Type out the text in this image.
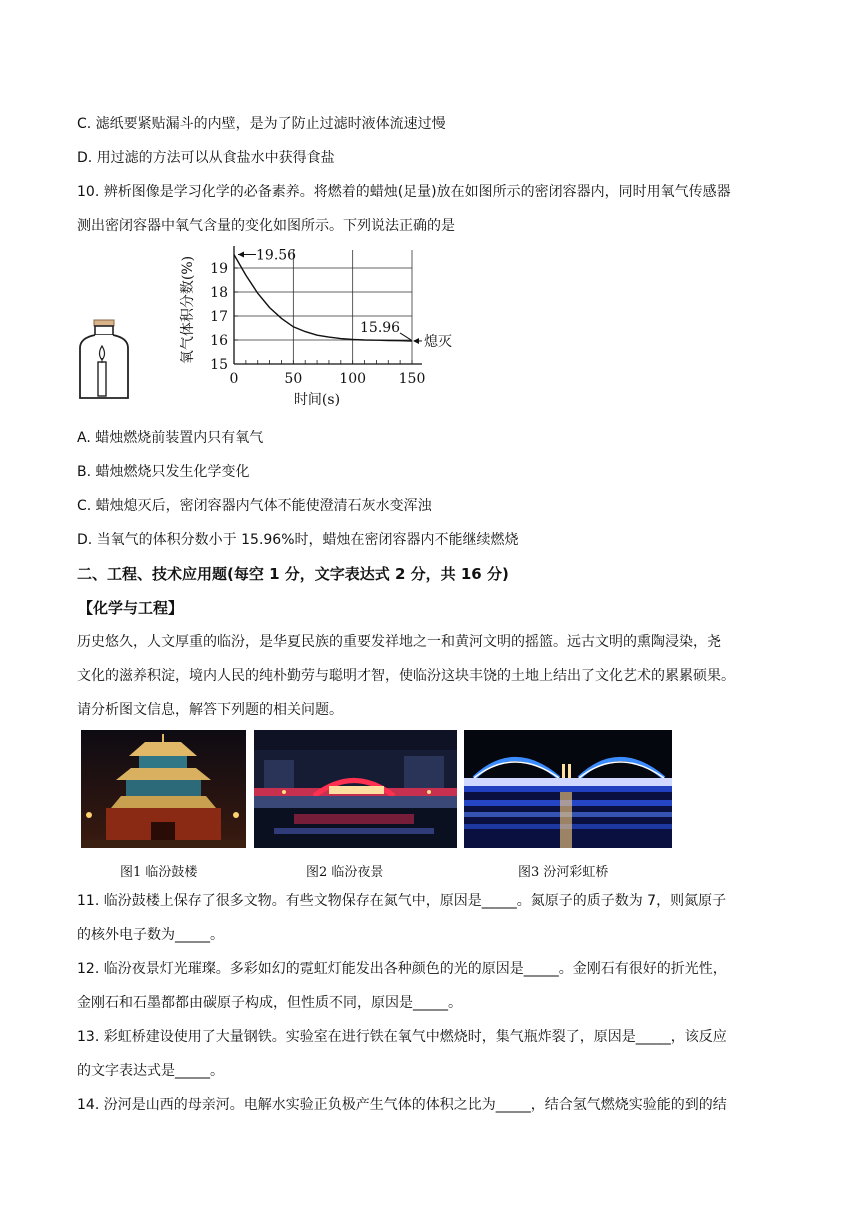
C. 滤纸要紧贴漏斗的内壁，是为了防止过滤时液体流速过慢
D. 用过滤的方法可以从食盐水中获得食盐
10. 辨析图像是学习化学的必备素养。将燃着的蜡烛(足量)放在如图所示的密闭容器内，同时用氧气传感器
测出密闭容器中氧气含量的变化如图所示。下列说法正确的是
15
16
17
18
19
0	50	100 150
时间(s)
氧气体积分数(%)
19.56
15.96
熄灭
A. 蜡烛燃烧前装置内只有氧气
B. 蜡烛燃烧只发生化学变化
C. 蜡烛熄灭后，密闭容器内气体不能使澄清石灰水变浑浊
D. 当氧气的体积分数小于 15.96%时，蜡烛在密闭容器内不能继续燃烧
二、工程、技术应用题(每空 1 分，文字表达式 2 分，共 16 分)
【化学与工程】
历史悠久，人文厚重的临汾，是华夏民族的重要发祥地之一和黄河文明的摇篮。远古文明的熏陶浸染，尧
文化的滋养积淀，境内人民的纯朴勤劳与聪明才智，使临汾这块丰饶的土地上结出了文化艺术的累累硕果。
请分析图文信息，解答下列题的相关问题。
图1 临汾鼓楼	图2 临汾夜景	图3 汾河彩虹桥
11. 临汾鼓楼上保存了很多文物。有些文物保存在氮气中，原因是_____。氮原子的质子数为 7，则氮原子
的核外电子数为_____。
12. 临汾夜景灯光璀璨。多彩如幻的霓虹灯能发出各种颜色的光的原因是_____。金刚石有很好的折光性，
金刚石和石墨都都由碳原子构成，但性质不同，原因是_____。
13. 彩虹桥建设使用了大量钢铁。实验室在进行铁在氧气中燃烧时，集气瓶炸裂了，原因是_____，该反应
的文字表达式是_____。
14. 汾河是山西的母亲河。电解水实验正负极产生气体的体积之比为_____，结合氢气燃烧实验能的到的结
